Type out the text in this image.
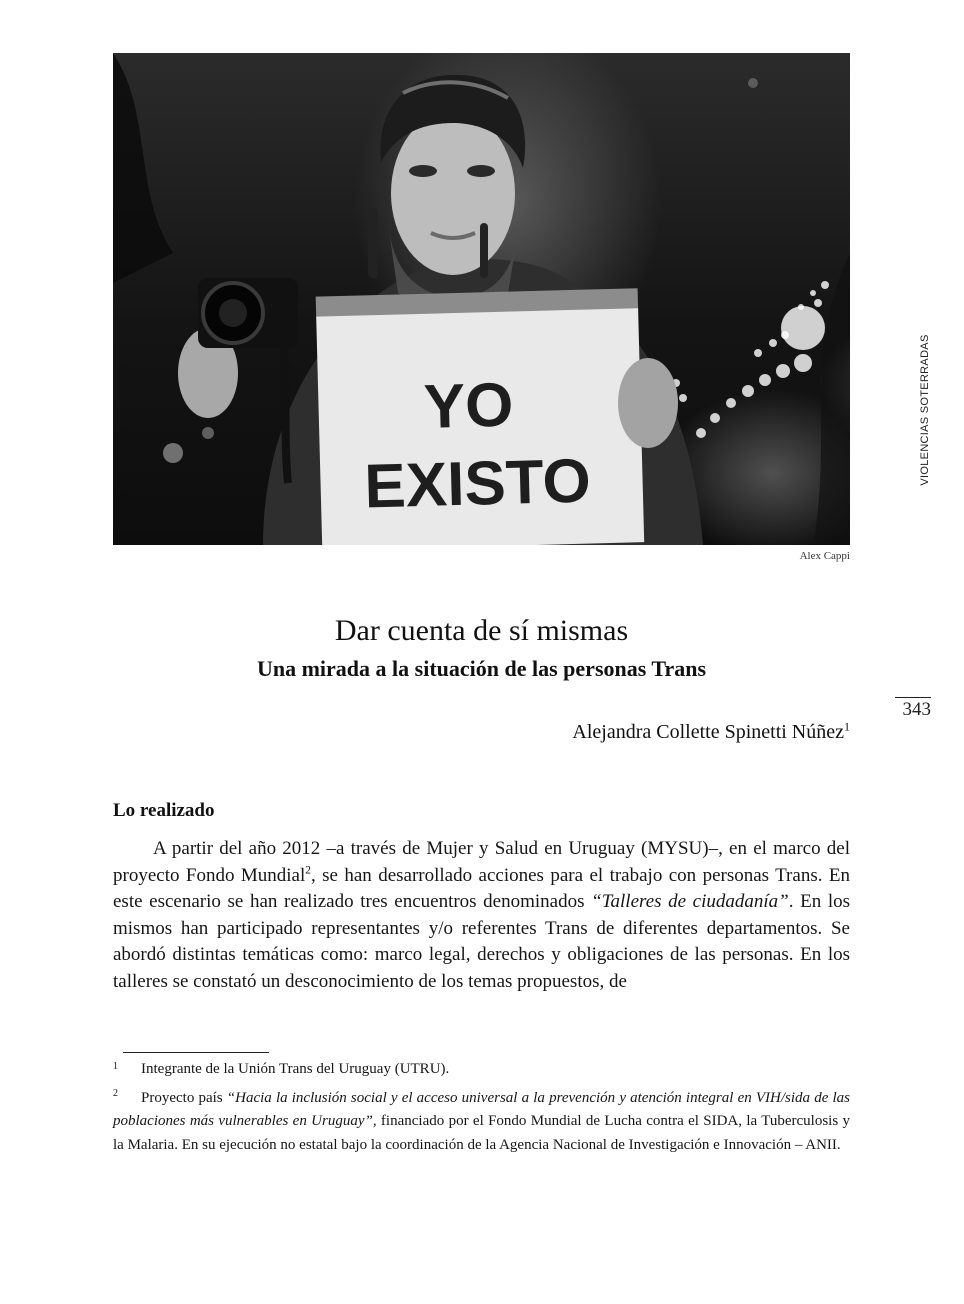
YO
EXISTO
Alex Cappi
VIOLENCIAS SOTERRADAS
343
Dar cuenta de sí mismas
Una mirada a la situación de las personas Trans
Alejandra Collette Spinetti Núñez$^1$
Lo realizado

A partir del año 2012 –a través de Mujer y Salud en Uruguay (MYSU)–, en el marco del proyecto Fondo Mundial$^2$, se han desarrollado acciones para el trabajo con personas Trans. En este escenario se han realizado tres encuentros denominados “Talleres de ciudadanía”. En los mismos han participado representantes y/o referentes Trans de diferentes departamentos. Se abordó distintas temáticas como: marco legal, derechos y obligaciones de las personas. En los talleres se constató un desconocimiento de los temas propuestos, de

1 Integrante de la Unión Trans del Uruguay (UTRU).
2 Proyecto país “Hacia la inclusión social y el acceso universal a la prevención y atención integral en VIH/sida de las poblaciones más vulnerables en Uruguay”, financiado por el Fondo Mundial de Lucha contra el SIDA, la Tuberculosis y la Malaria. En su ejecución no estatal bajo la coordinación de la Agencia Nacional de Investigación e Innovación – ANII.
